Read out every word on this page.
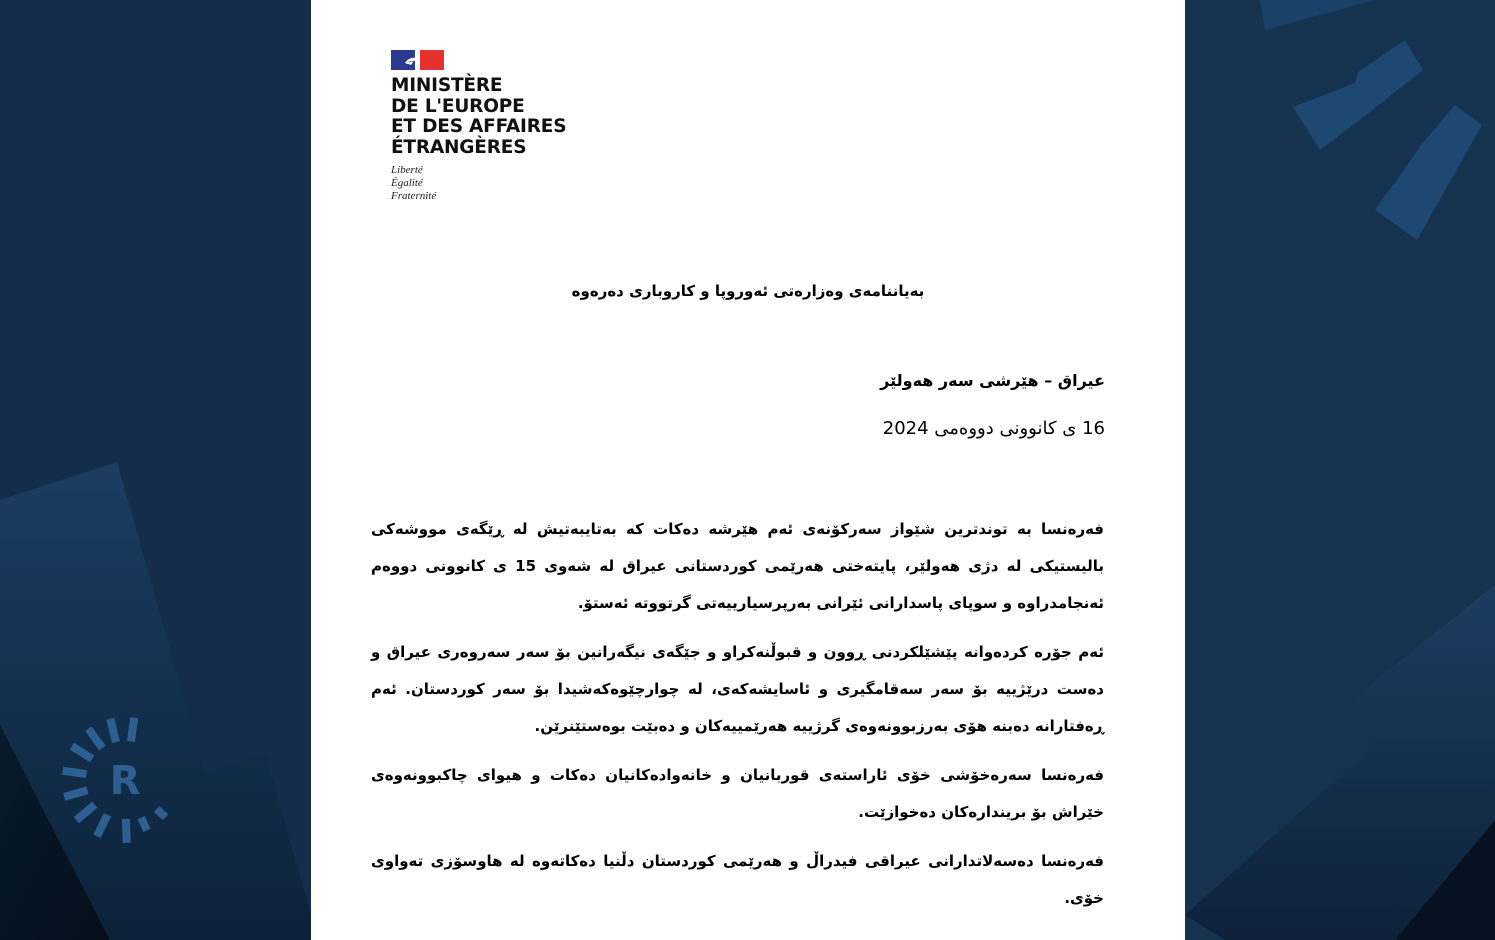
R
MINISTÈRE
DE L'EUROPE
ET DES AFFAIRES
ÉTRANGÈRES
Liberté
Égalité
Fraternité
بەیاننامەی وەزارەتی ئەوروپا و کاروباری دەرەوە
عیراق – هێرشی سەر هەولێر
16 ی کانوونی دووەمی 2024

فەرەنسا بە توندترین شێواز سەرکۆنەی ئەم هێرشە دەکات کە بەتایبەتیش لە ڕێگەی مووشەکی بالیستیکی لە دژی هەولێر، پایتەختی هەرێمی کوردستانی عیراق لە شەوی 15 ی کانوونی دووەم ئەنجامدراوە و سوپای پاسدارانی ئێرانی بەرپرسیارییەتی گرتووتە ئەستۆ.

ئەم جۆرە کردەوانە پێشێلکردنی ڕوون و قبوڵنەکراو و جێگەی نیگەرانین بۆ سەر سەروەری عیراق و دەست درێژییە بۆ سەر سەقامگیری و ئاسایشەکەی، لە چوارچێوەکەشیدا بۆ سەر کوردستان. ئەم ڕەفتارانە دەبنە هۆی بەرزبوونەوەی گرژییە هەرێمییەکان و دەبێت بوەستێنرێن.

فەرەنسا سەرەخۆشی خۆی ئاراستەی قوربانیان و خانەوادەکانیان دەکات و هیوای چاکبوونەوەی خێراش بۆ بریندارەکان دەخوازێت.

فەرەنسا دەسەلاتدارانی عیراقی فیدراڵ و هەرێمی کوردستان دڵنیا دەکاتەوە لە هاوسۆزی تەواوی خۆی.
